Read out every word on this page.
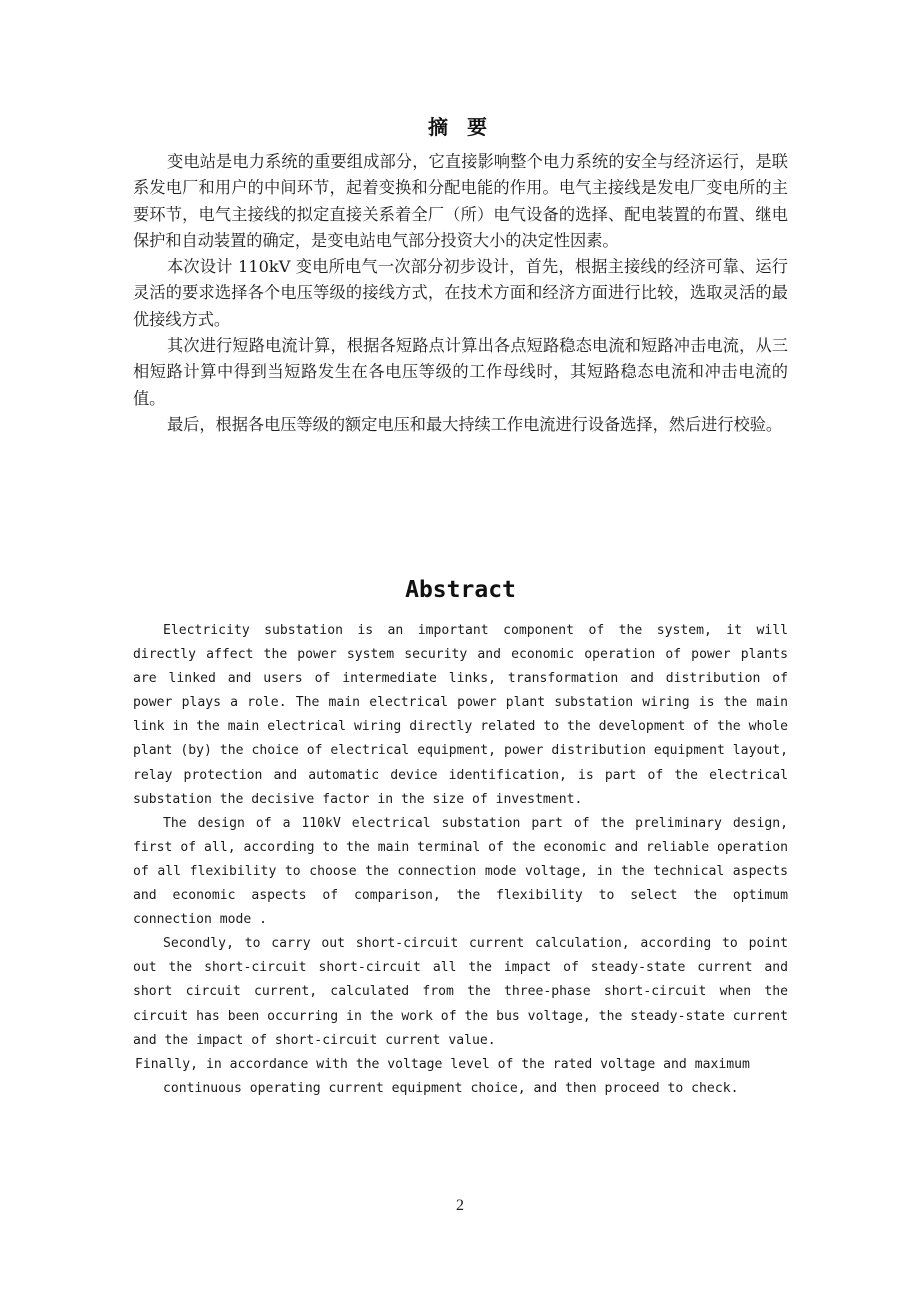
摘 要

变电站是电力系统的重要组成部分，它直接影响整个电力系统的安全与经济运行，是联系发电厂和用户的中间环节，起着变换和分配电能的作用。电气主接线是发电厂变电所的主要环节，电气主接线的拟定直接关系着全厂（所）电气设备的选择、配电装置的布置、继电保护和自动装置的确定，是变电站电气部分投资大小的决定性因素。

本次设计 110kV 变电所电气一次部分初步设计，首先，根据主接线的经济可靠、运行灵活的要求选择各个电压等级的接线方式，在技术方面和经济方面进行比较，选取灵活的最优接线方式。

其次进行短路电流计算，根据各短路点计算出各点短路稳态电流和短路冲击电流，从三相短路计算中得到当短路发生在各电压等级的工作母线时，其短路稳态电流和冲击电流的值。

最后，根据各电压等级的额定电压和最大持续工作电流进行设备选择，然后进行校验。

Abstract

Electricity substation is an important component of the system, it will directly affect the power system security and economic operation of power plants are linked and users of intermediate links, transformation and distribution of power plays a role. The main electrical power plant substation wiring is the main link in the main electrical wiring directly related to the development of the whole plant (by) the choice of electrical equipment, power distribution equipment layout, relay protection and automatic device identification, is part of the electrical substation the decisive factor in the size of investment.

The design of a 110kV electrical substation part of the preliminary design, first of all, according to the main terminal of the economic and reliable operation of all flexibility to choose the connection mode voltage, in the technical aspects and economic aspects of comparison, the flexibility to select the optimum connection mode .

Secondly, to carry out short-circuit current calculation, according to point out the short-circuit short-circuit all the impact of steady-state current and short circuit current, calculated from the three-phase short-circuit when the circuit has been occurring in the work of the bus voltage, the steady-state current and the impact of short-circuit current value.

Finally, in accordance with the voltage level of the rated voltage and maximum
continuous operating current equipment choice, and then proceed to check.

2
